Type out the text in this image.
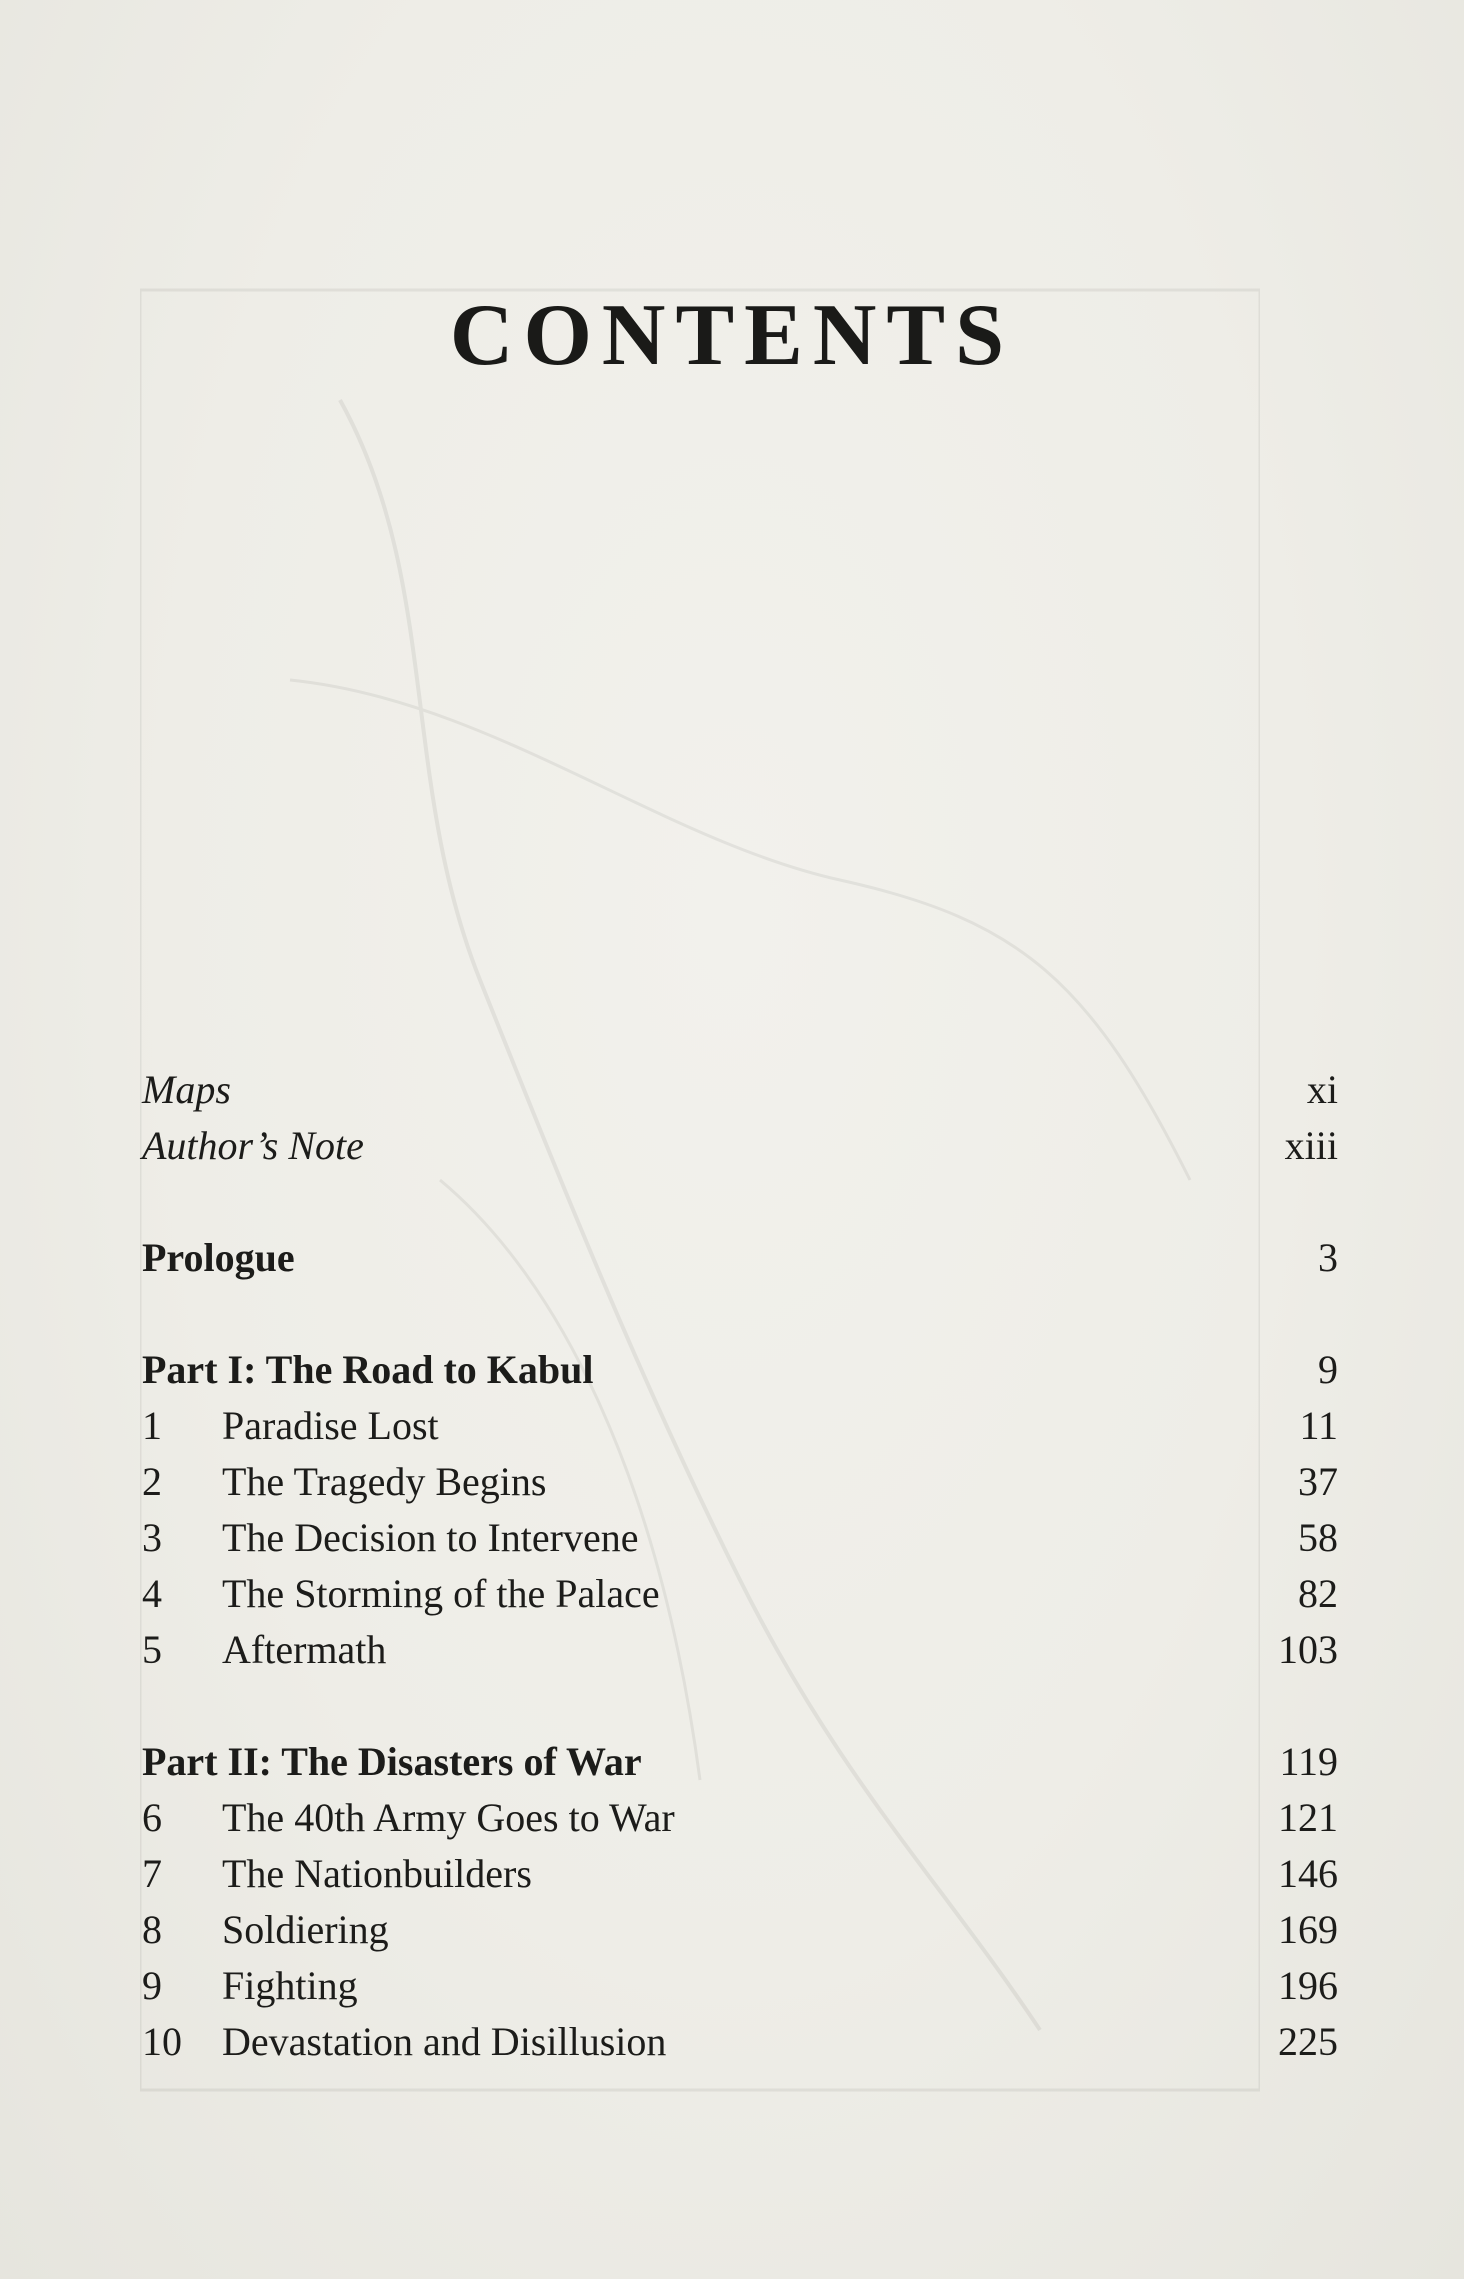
CONTENTS
Maps	xi
Author’s Note	xiii
Prologue	3
Part I: The Road to Kabul	9
1	Paradise Lost	11
2	The Tragedy Begins	37
3	The Decision to Intervene	58
4	The Storming of the Palace	82
5	Aftermath	103
Part II: The Disasters of War	119
6	The 40th Army Goes to War	121
7	The Nationbuilders	146
8	Soldiering	169
9	Fighting	196
10	Devastation and Disillusion	225
